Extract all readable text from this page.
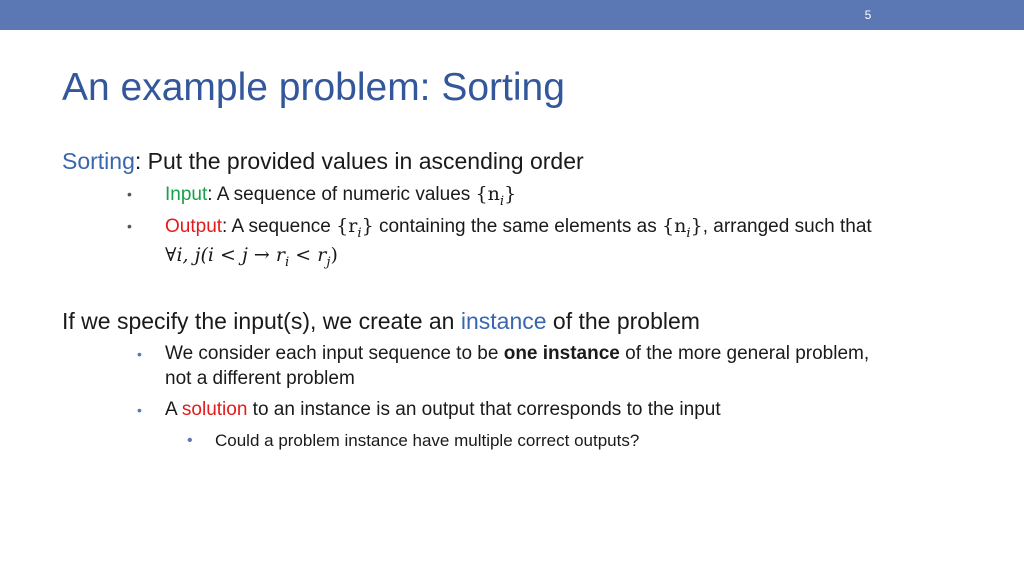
5
An example problem: Sorting
Sorting: Put the provided values in ascending order
• Input: A sequence of numeric values $\{n_i\}$
• Output: A sequence $\{r_i\}$ containing the same elements as $\{n_i\}$, arranged such that
∀i, $j(i < j \to r_i < r_j)$
If we specify the input(s), we create an instance of the problem
• We consider each input sequence to be one instance of the more general problem,
not a different problem
• A solution to an instance is an output that corresponds to the input
• Could a problem instance have multiple correct outputs?
